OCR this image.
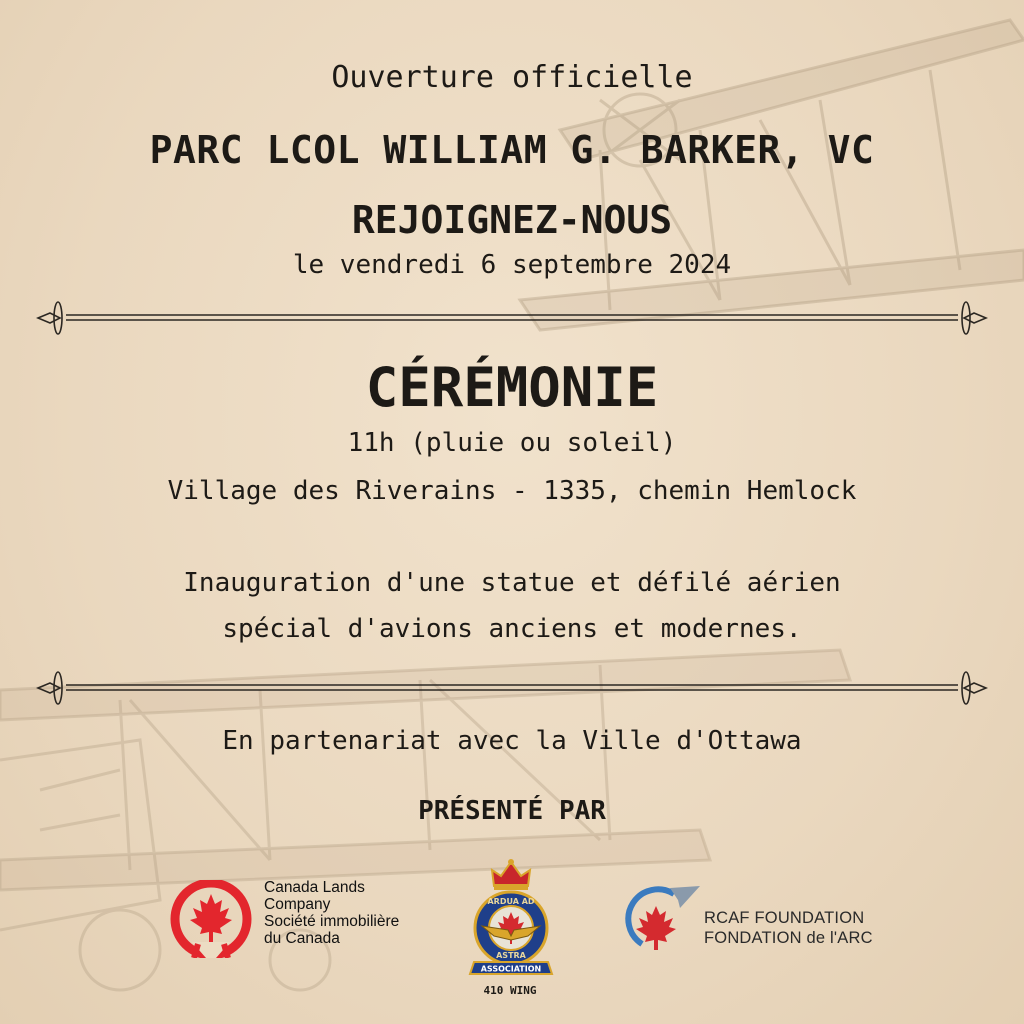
Ouverture officielle
PARC LCOL WILLIAM G. BARKER, VC
REJOIGNEZ-NOUS
le vendredi 6 septembre 2024
CÉRÉMONIE
11h (pluie ou soleil)
Village des Riverains - 1335, chemin Hemlock
Inauguration d'une statue et défilé aérien
spécial d'avions anciens et modernes.
En partenariat avec la Ville d'Ottawa
PRÉSENTÉ PAR
Canada Lands
Company
Société immobilière
du Canada
ARDUA AD
ASTRA
ASSOCIATION
410 WING
RCAF FOUNDATION
FONDATION de l'ARC
